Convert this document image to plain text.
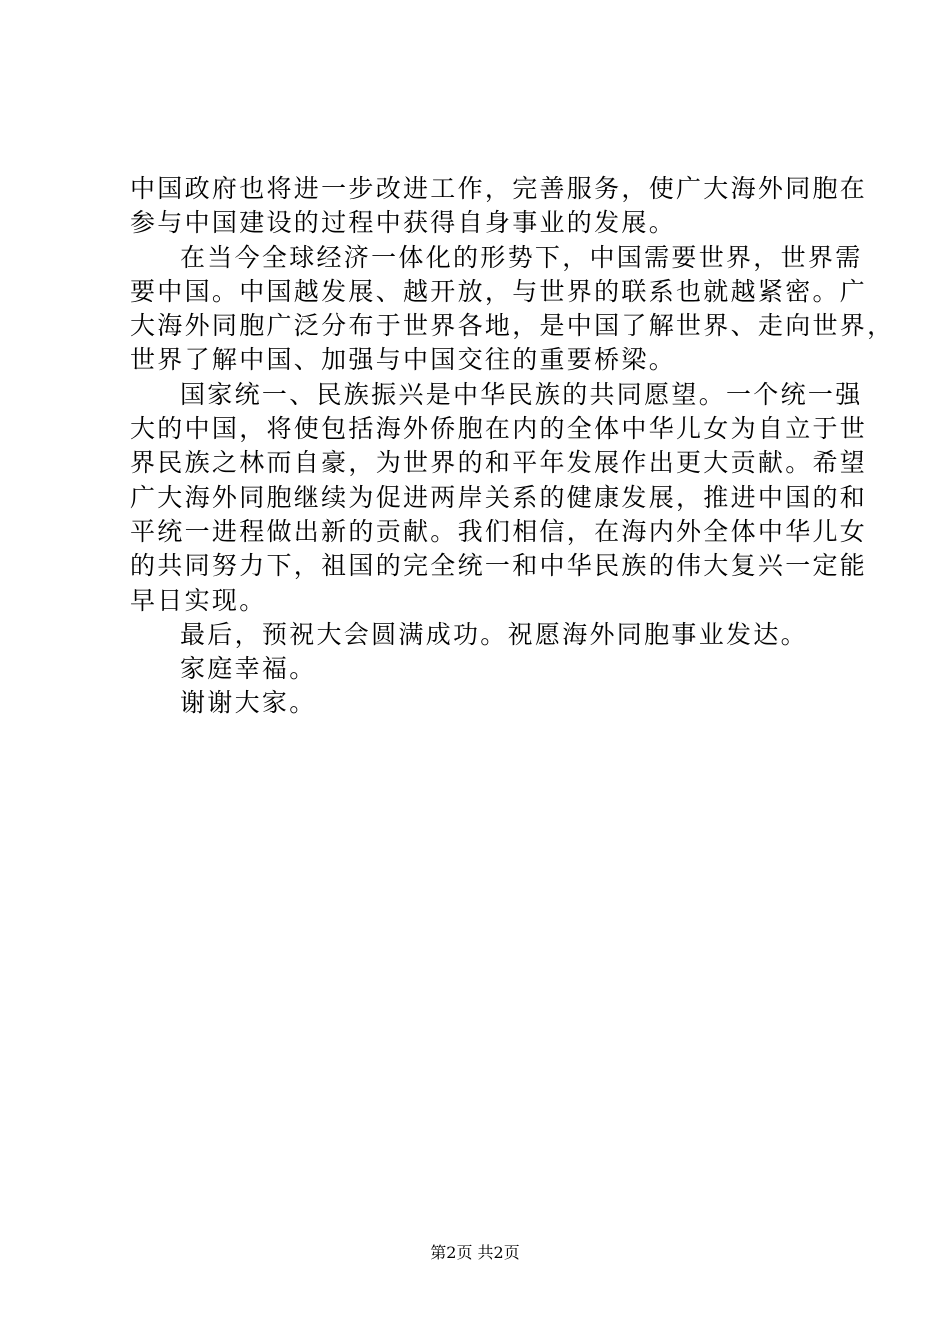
中国政府也将进一步改进工作，完善服务，使广大海外同胞在
参与中国建设的过程中获得自身事业的发展。
在当今全球经济一体化的形势下，中国需要世界，世界需
要中国。中国越发展、越开放，与世界的联系也就越紧密。广
大海外同胞广泛分布于世界各地，是中国了解世界、走向世界，
世界了解中国、加强与中国交往的重要桥梁。
国家统一、民族振兴是中华民族的共同愿望。一个统一强
大的中国，将使包括海外侨胞在内的全体中华儿女为自立于世
界民族之林而自豪，为世界的和平年发展作出更大贡献。希望
广大海外同胞继续为促进两岸关系的健康发展，推进中国的和
平统一进程做出新的贡献。我们相信，在海内外全体中华儿女
的共同努力下，祖国的完全统一和中华民族的伟大复兴一定能
早日实现。
最后，预祝大会圆满成功。祝愿海外同胞事业发达。
家庭幸福。
谢谢大家。
第2页 共2页
